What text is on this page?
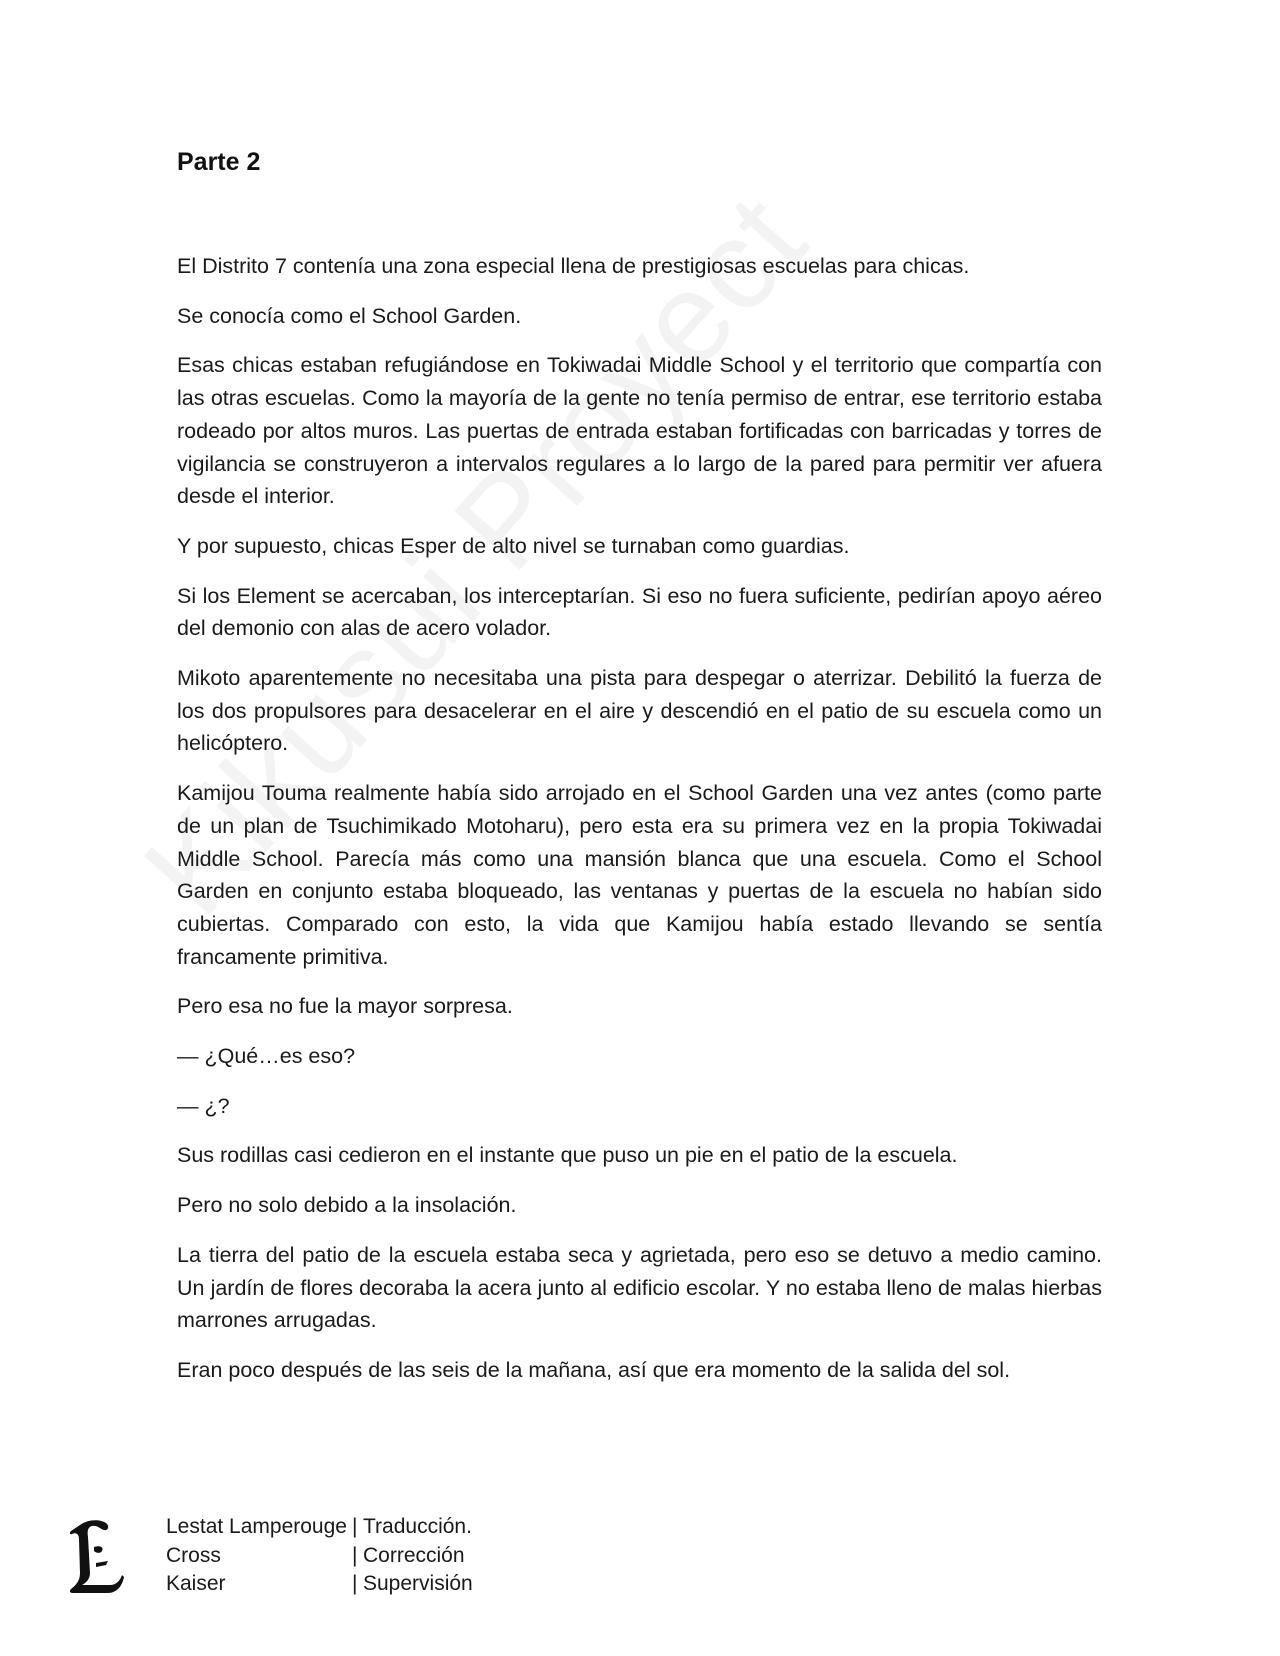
Parte 2

El Distrito 7 contenía una zona especial llena de prestigiosas escuelas para chicas.

Se conocía como el School Garden.

Esas chicas estaban refugiándose en Tokiwadai Middle School y el territorio que compartía con las otras escuelas. Como la mayoría de la gente no tenía permiso de entrar, ese territorio estaba rodeado por altos muros. Las puertas de entrada estaban fortificadas con barricadas y torres de vigilancia se construyeron a intervalos regulares a lo largo de la pared para permitir ver afuera desde el interior.

Y por supuesto, chicas Esper de alto nivel se turnaban como guardias.

Si los Element se acercaban, los interceptarían. Si eso no fuera suficiente, pedirían apoyo aéreo del demonio con alas de acero volador.

Mikoto aparentemente no necesitaba una pista para despegar o aterrizar. Debilitó la fuerza de los dos propulsores para desacelerar en el aire y descendió en el patio de su escuela como un helicóptero.

Kamijou Touma realmente había sido arrojado en el School Garden una vez antes (como parte de un plan de Tsuchimikado Motoharu), pero esta era su primera vez en la propia Tokiwadai Middle School. Parecía más como una mansión blanca que una escuela. Como el School Garden en conjunto estaba bloqueado, las ventanas y puertas de la escuela no habían sido cubiertas. Comparado con esto, la vida que Kamijou había estado llevando se sentía francamente primitiva.

Pero esa no fue la mayor sorpresa.

— ¿Qué…es eso?

— ¿?

Sus rodillas casi cedieron en el instante que puso un pie en el patio de la escuela.

Pero no solo debido a la insolación.

La tierra del patio de la escuela estaba seca y agrietada, pero eso se detuvo a medio camino. Un jardín de flores decoraba la acera junto al edificio escolar. Y no estaba lleno de malas hierbas marrones arrugadas.

Eran poco después de las seis de la mañana, así que era momento de la salida del sol.

Lestat Lamperouge | Traducción.
Cross	| Corrección
Kaiser	| Supervisión
